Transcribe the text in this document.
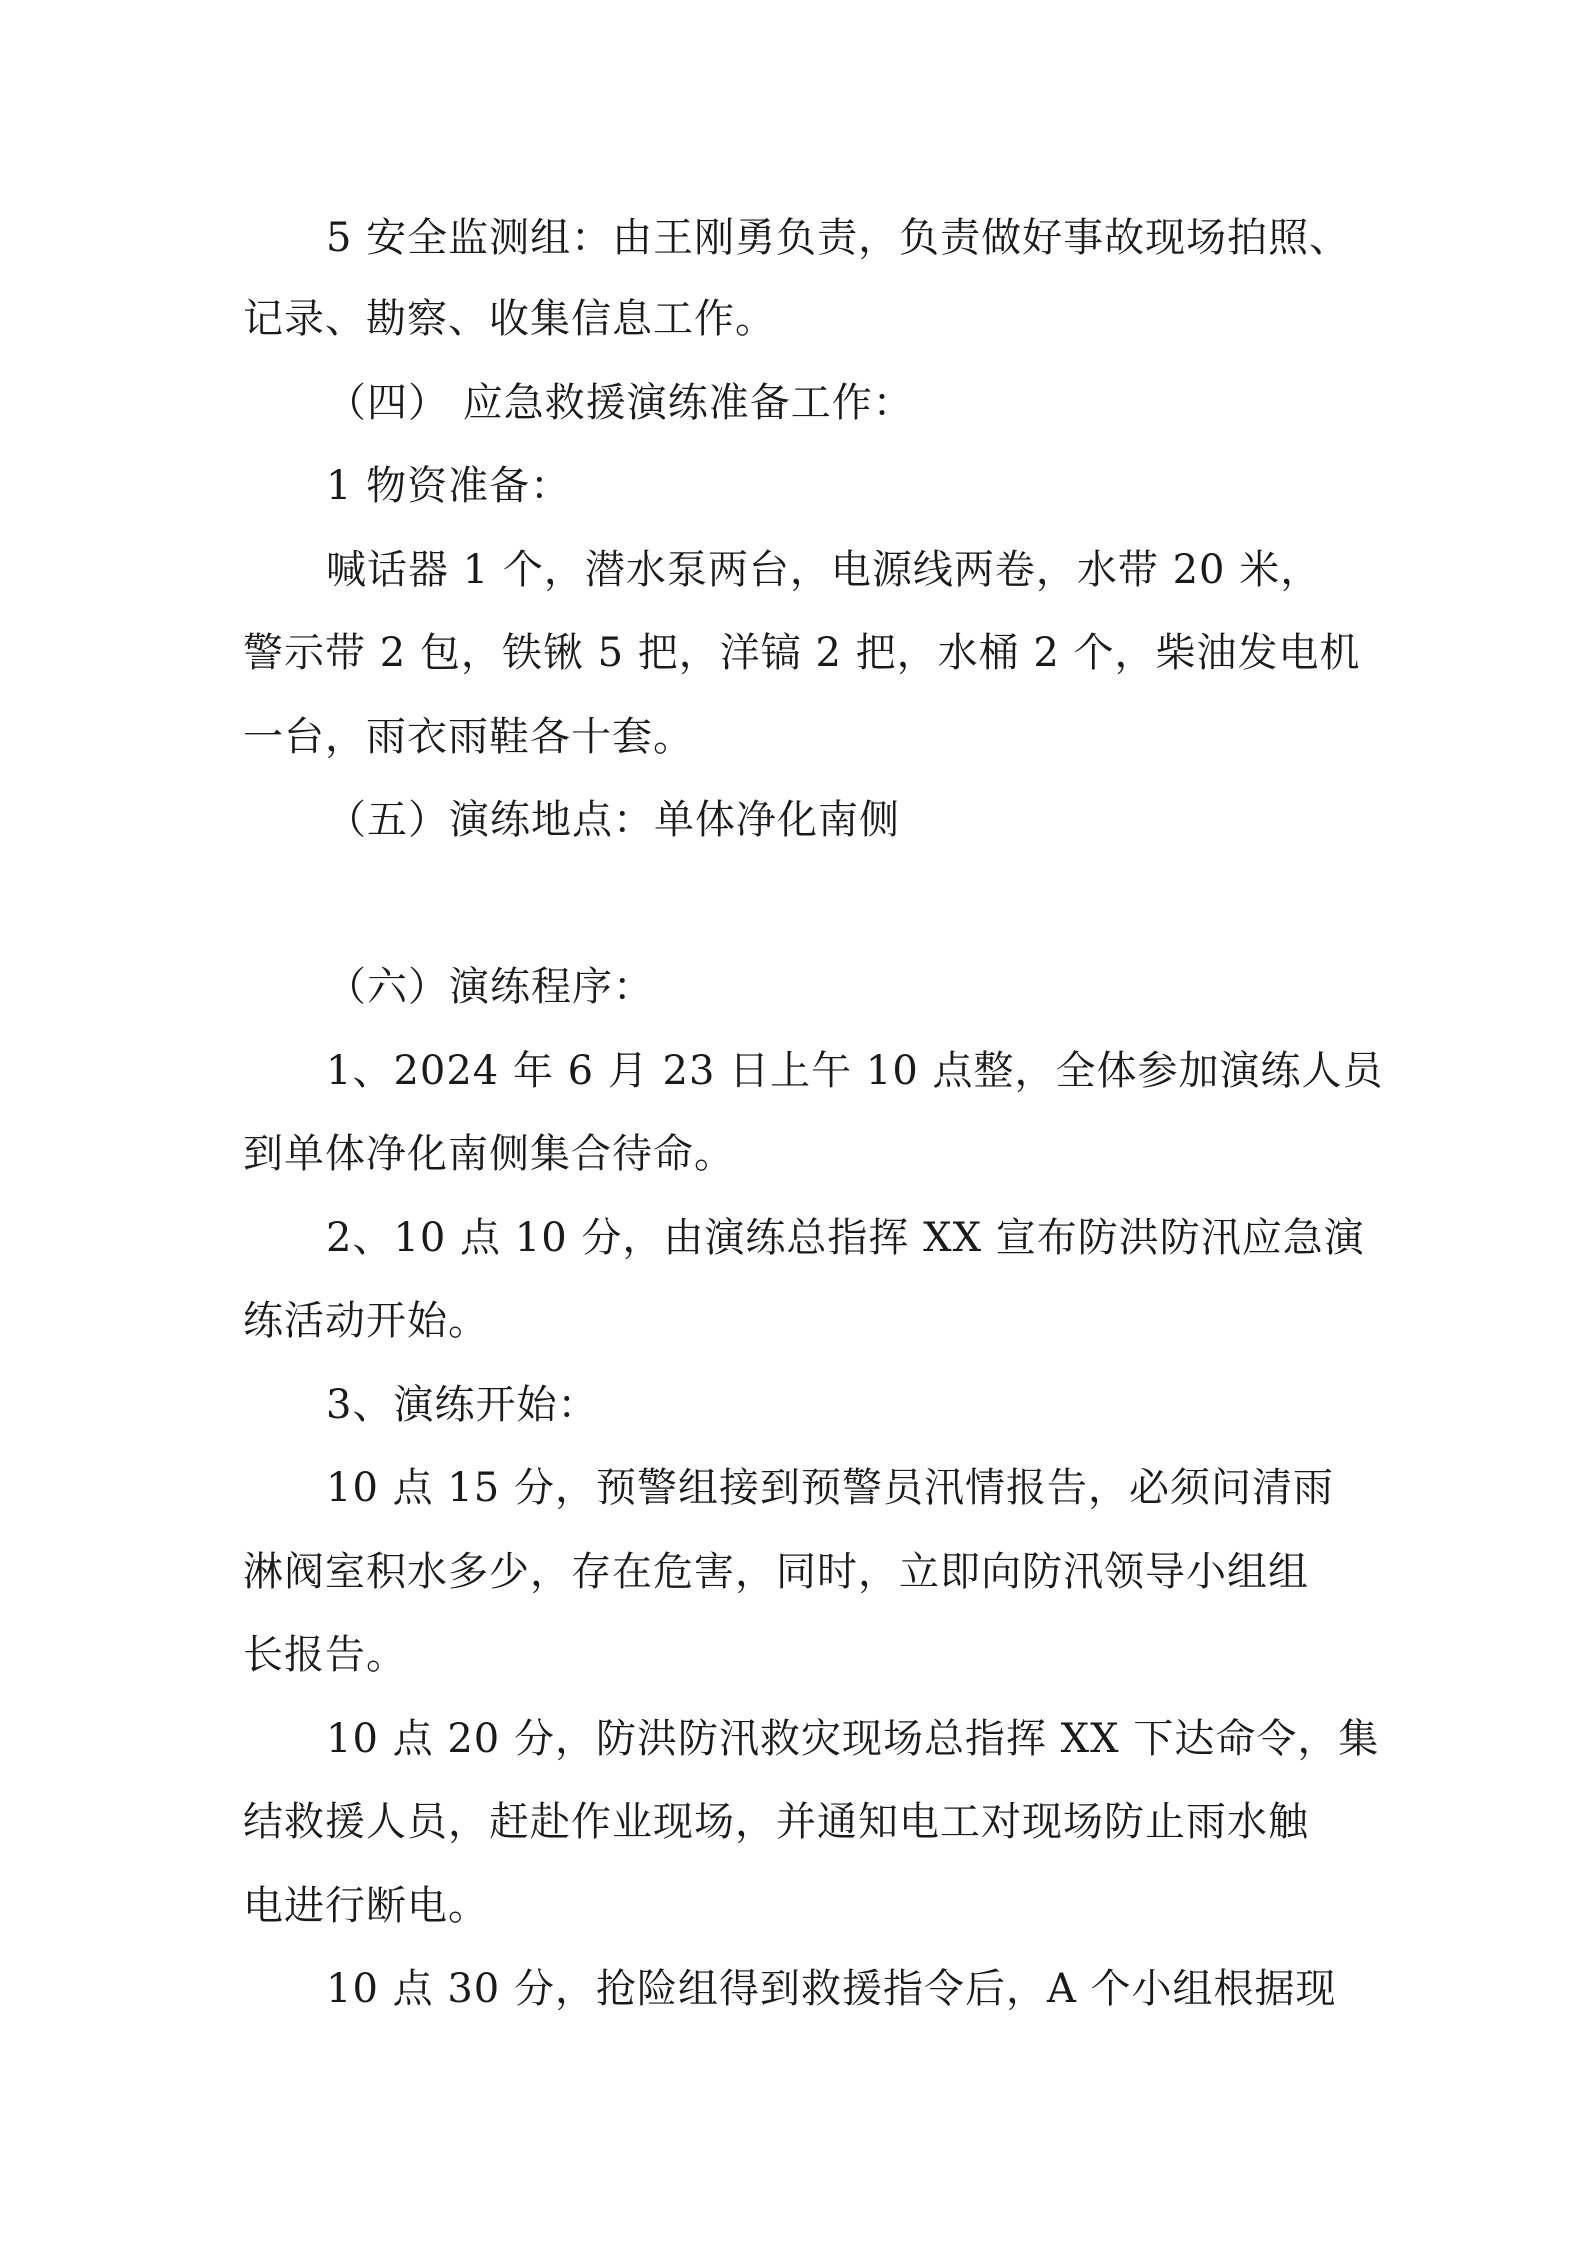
5 安全监测组：由王刚勇负责，负责做好事故现场拍照、

记录、勘察、收集信息工作。

（四） 应急救援演练准备工作：

1 物资准备：

喊话器 1 个，潜水泵两台，电源线两卷，水带 20 米，

警示带 2 包，铁锹 5 把，洋镐 2 把，水桶 2 个，柴油发电机

一台，雨衣雨鞋各十套。

（五）演练地点：单体净化南侧

（六）演练程序：

1、2024 年 6 月 23 日上午 10 点整，全体参加演练人员

到单体净化南侧集合待命。

2、10 点 10 分，由演练总指挥 XX 宣布防洪防汛应急演

练活动开始。

3、演练开始：

10 点 15 分，预警组接到预警员汛情报告，必须问清雨

淋阀室积水多少，存在危害，同时，立即向防汛领导小组组

长报告。

10 点 20 分，防洪防汛救灾现场总指挥 XX 下达命令，集

结救援人员，赶赴作业现场，并通知电工对现场防止雨水触

电进行断电。

10 点 30 分，抢险组得到救援指令后，A 个小组根据现
